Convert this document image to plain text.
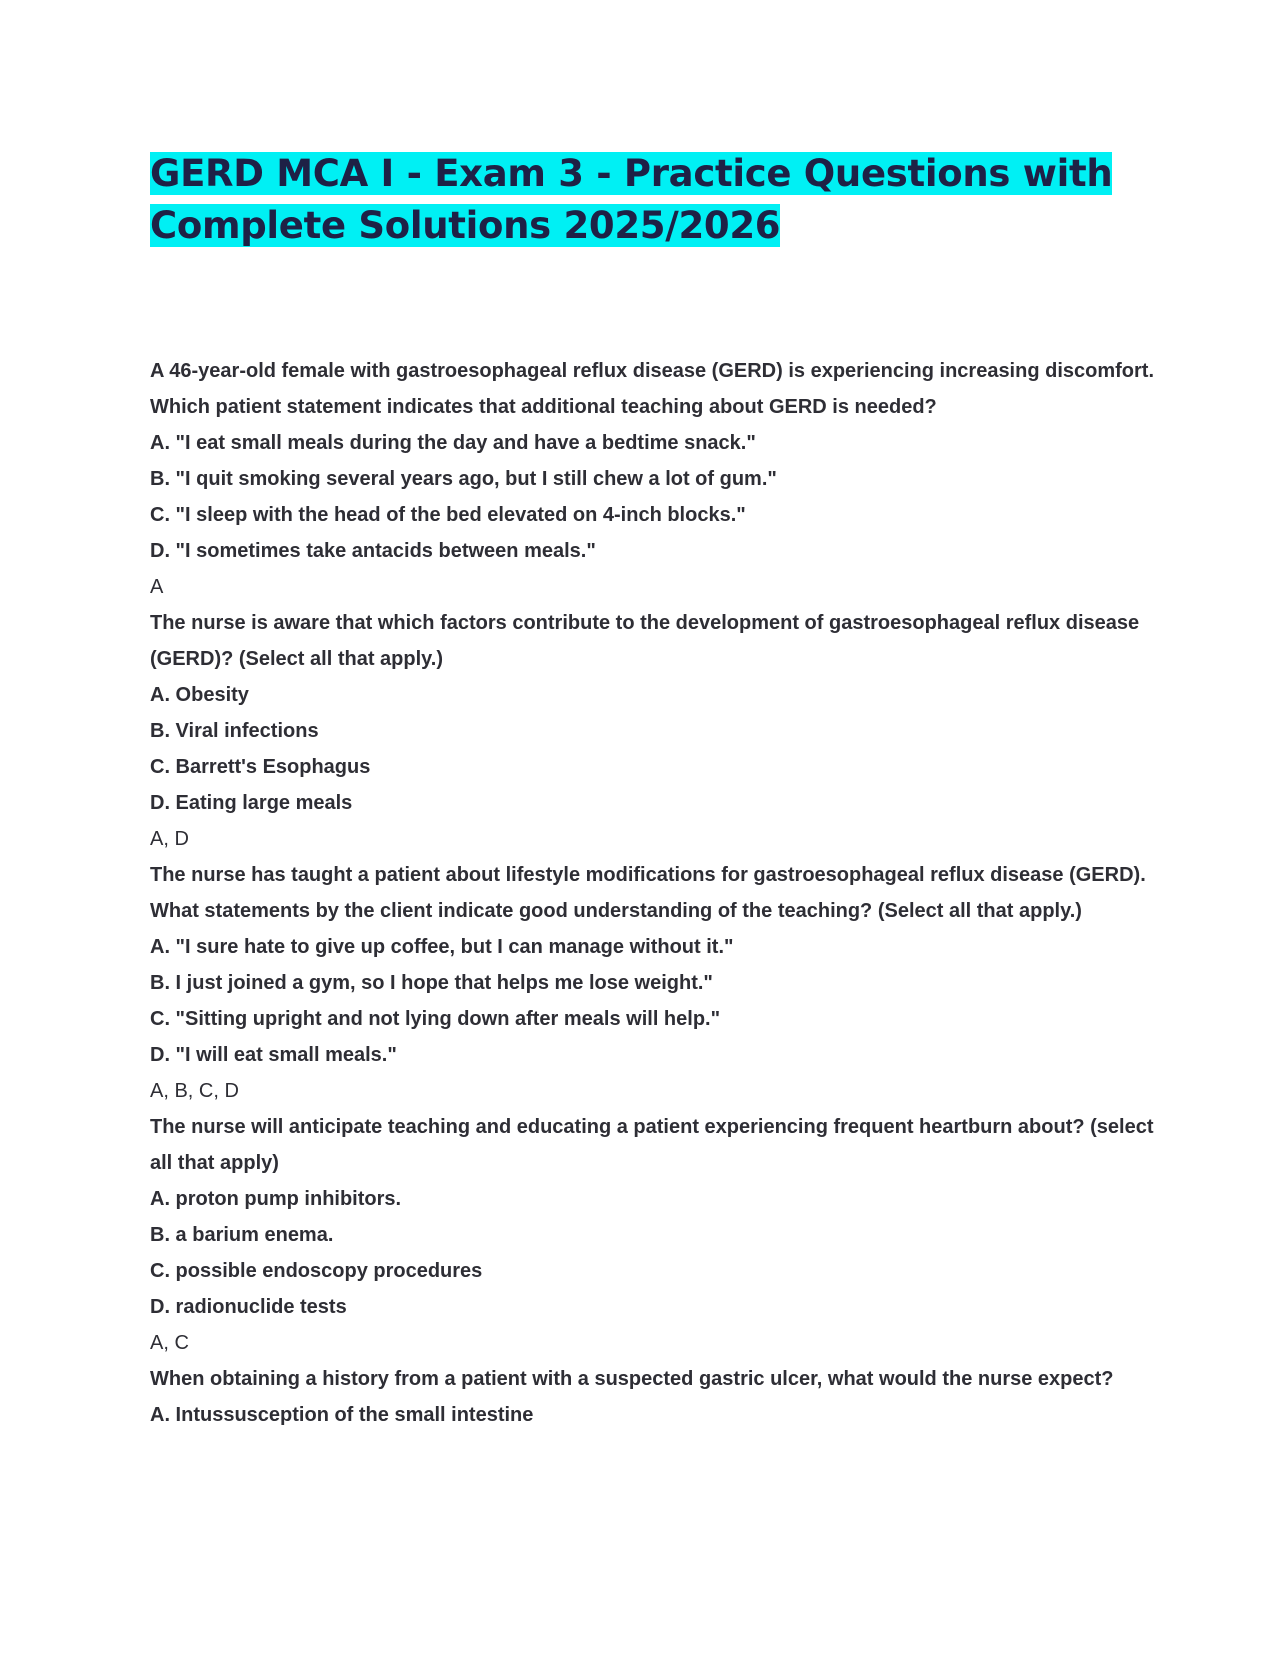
GERD MCA I - Exam 3 - Practice Questions with Complete Solutions 2025/2026

A 46-year-old female with gastroesophageal reflux disease (GERD) is experiencing increasing discomfort. Which patient statement indicates that additional teaching about GERD is needed?

A. "I eat small meals during the day and have a bedtime snack."

B. "I quit smoking several years ago, but I still chew a lot of gum."

C. "I sleep with the head of the bed elevated on 4-inch blocks."

D. "I sometimes take antacids between meals."

A

The nurse is aware that which factors contribute to the development of gastroesophageal reflux disease (GERD)? (Select all that apply.)

A. Obesity

B. Viral infections

C. Barrett's Esophagus

D. Eating large meals

A, D

The nurse has taught a patient about lifestyle modifications for gastroesophageal reflux disease (GERD). What statements by the client indicate good understanding of the teaching? (Select all that apply.)

A. "I sure hate to give up coffee, but I can manage without it."

B. I just joined a gym, so I hope that helps me lose weight."

C. "Sitting upright and not lying down after meals will help."

D. "I will eat small meals."

A, B, C, D

The nurse will anticipate teaching and educating a patient experiencing frequent heartburn about? (select all that apply)

A. proton pump inhibitors.

B. a barium enema.

C. possible endoscopy procedures

D. radionuclide tests

A, C

When obtaining a history from a patient with a suspected gastric ulcer, what would the nurse expect?

A. Intussusception of the small intestine
